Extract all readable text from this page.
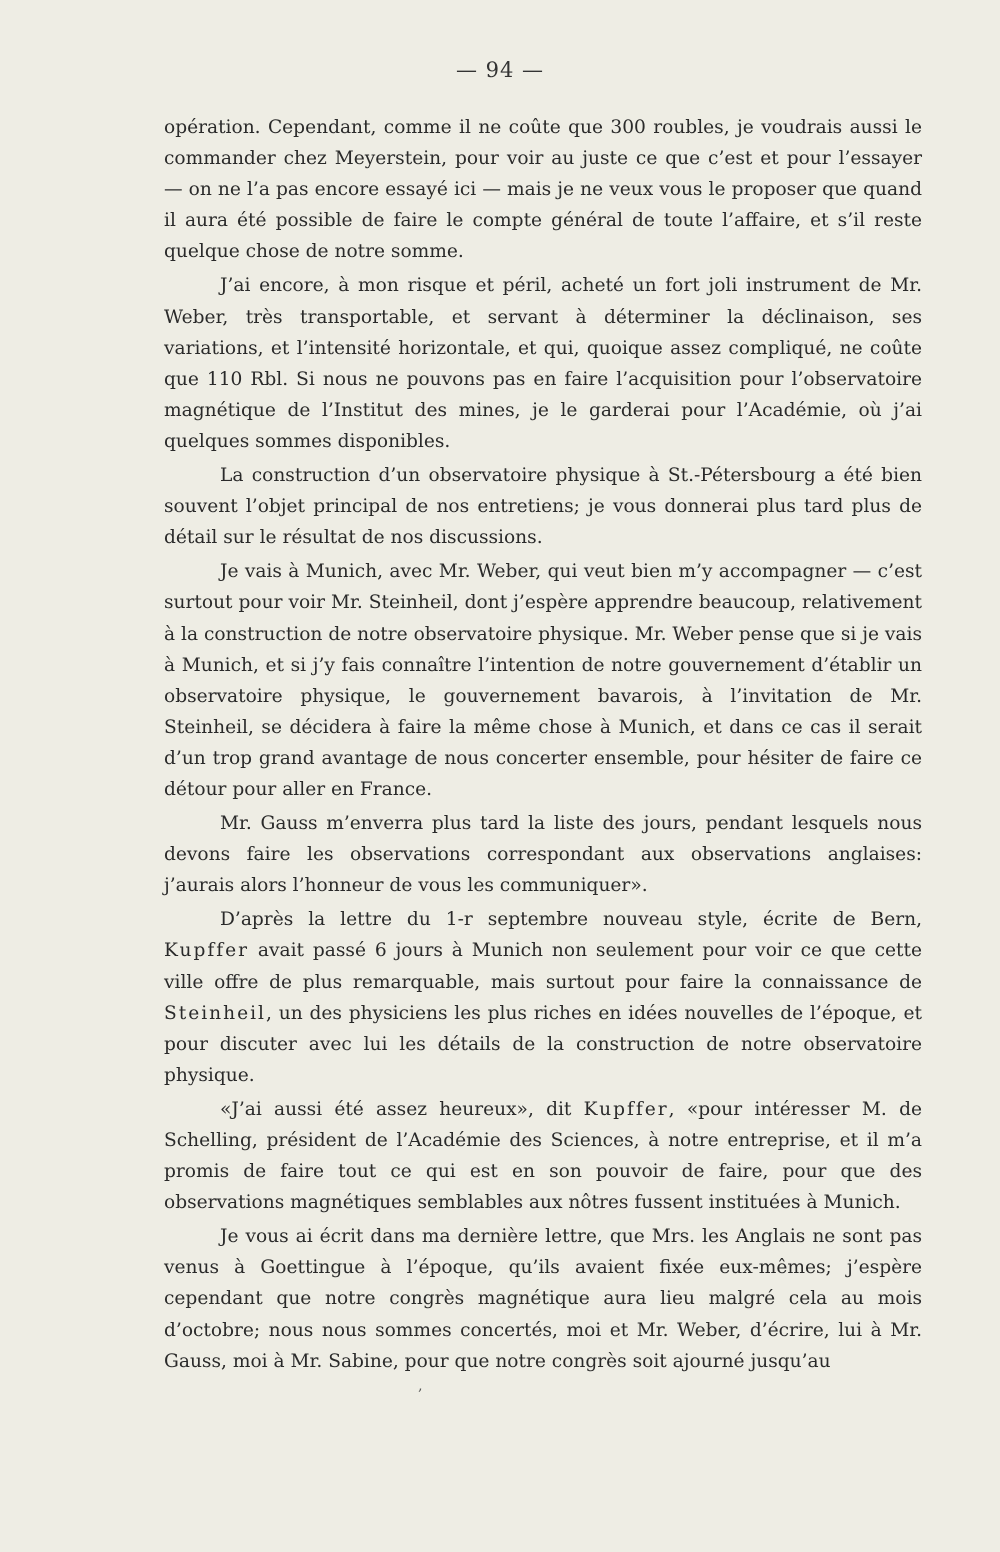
— 94 —

opération. Cependant, comme il ne coûte que 300 roubles, je voudrais aussi le commander chez Meyerstein, pour voir au juste ce que c’est et pour l’essayer — on ne l’a pas encore essayé ici — mais je ne veux vous le proposer que quand il aura été possible de faire le compte général de toute l’affaire, et s’il reste quelque chose de notre somme.

J’ai encore, à mon risque et péril, acheté un fort joli instrument de Mr. Weber, très transportable, et servant à déterminer la déclinaison, ses variations, et l’intensité horizontale, et qui, quoique assez compliqué, ne coûte que 110 Rbl. Si nous ne pouvons pas en faire l’acquisition pour l’observatoire magnétique de l’Institut des mines, je le garderai pour l’Académie, où j’ai quelques sommes disponibles.

La construction d’un observatoire physique à St.-Pétersbourg a été bien souvent l’objet principal de nos entretiens; je vous donnerai plus tard plus de détail sur le résultat de nos discussions.

Je vais à Munich, avec Mr. Weber, qui veut bien m’y accompagner — c’est surtout pour voir Mr. Steinheil, dont j’espère apprendre beaucoup, relativement à la construction de notre observatoire physique. Mr. Weber pense que si je vais à Munich, et si j’y fais connaître l’intention de notre gouvernement d’établir un observatoire physique, le gouvernement bavarois, à l’invitation de Mr. Steinheil, se décidera à faire la même chose à Munich, et dans ce cas il serait d’un trop grand avantage de nous concerter ensemble, pour hésiter de faire ce détour pour aller en France.

Mr. Gauss m’enverra plus tard la liste des jours, pendant lesquels nous devons faire les observations correspondant aux observations anglaises: j’aurais alors l’honneur de vous les communiquer».

D’après la lettre du 1-r septembre nouveau style, écrite de Bern, Kupffer avait passé 6 jours à Munich non seulement pour voir ce que cette ville offre de plus remarquable, mais surtout pour faire la connaissance de Steinheil, un des physiciens les plus riches en idées nouvelles de l’époque, et pour discuter avec lui les détails de la construction de notre observatoire physique.

«J’ai aussi été assez heureux», dit Kupffer, «pour intéresser M. de Schelling, président de l’Académie des Sciences, à notre entreprise, et il m’a promis de faire tout ce qui est en son pouvoir de faire, pour que des observations magnétiques semblables aux nôtres fussent instituées à Munich.

Je vous ai écrit dans ma dernière lettre, que Mrs. les Anglais ne sont pas venus à Goettingue à l’époque, qu’ils avaient fixée eux-mêmes; j’espère cependant que notre congrès magnétique aura lieu malgré cela au mois d’octobre; nous nous sommes concertés, moi et Mr. Weber, d’écrire, lui à Mr. Gauss, moi à Mr. Sabine, pour que notre congrès soit ajourné jusqu’au

‚
